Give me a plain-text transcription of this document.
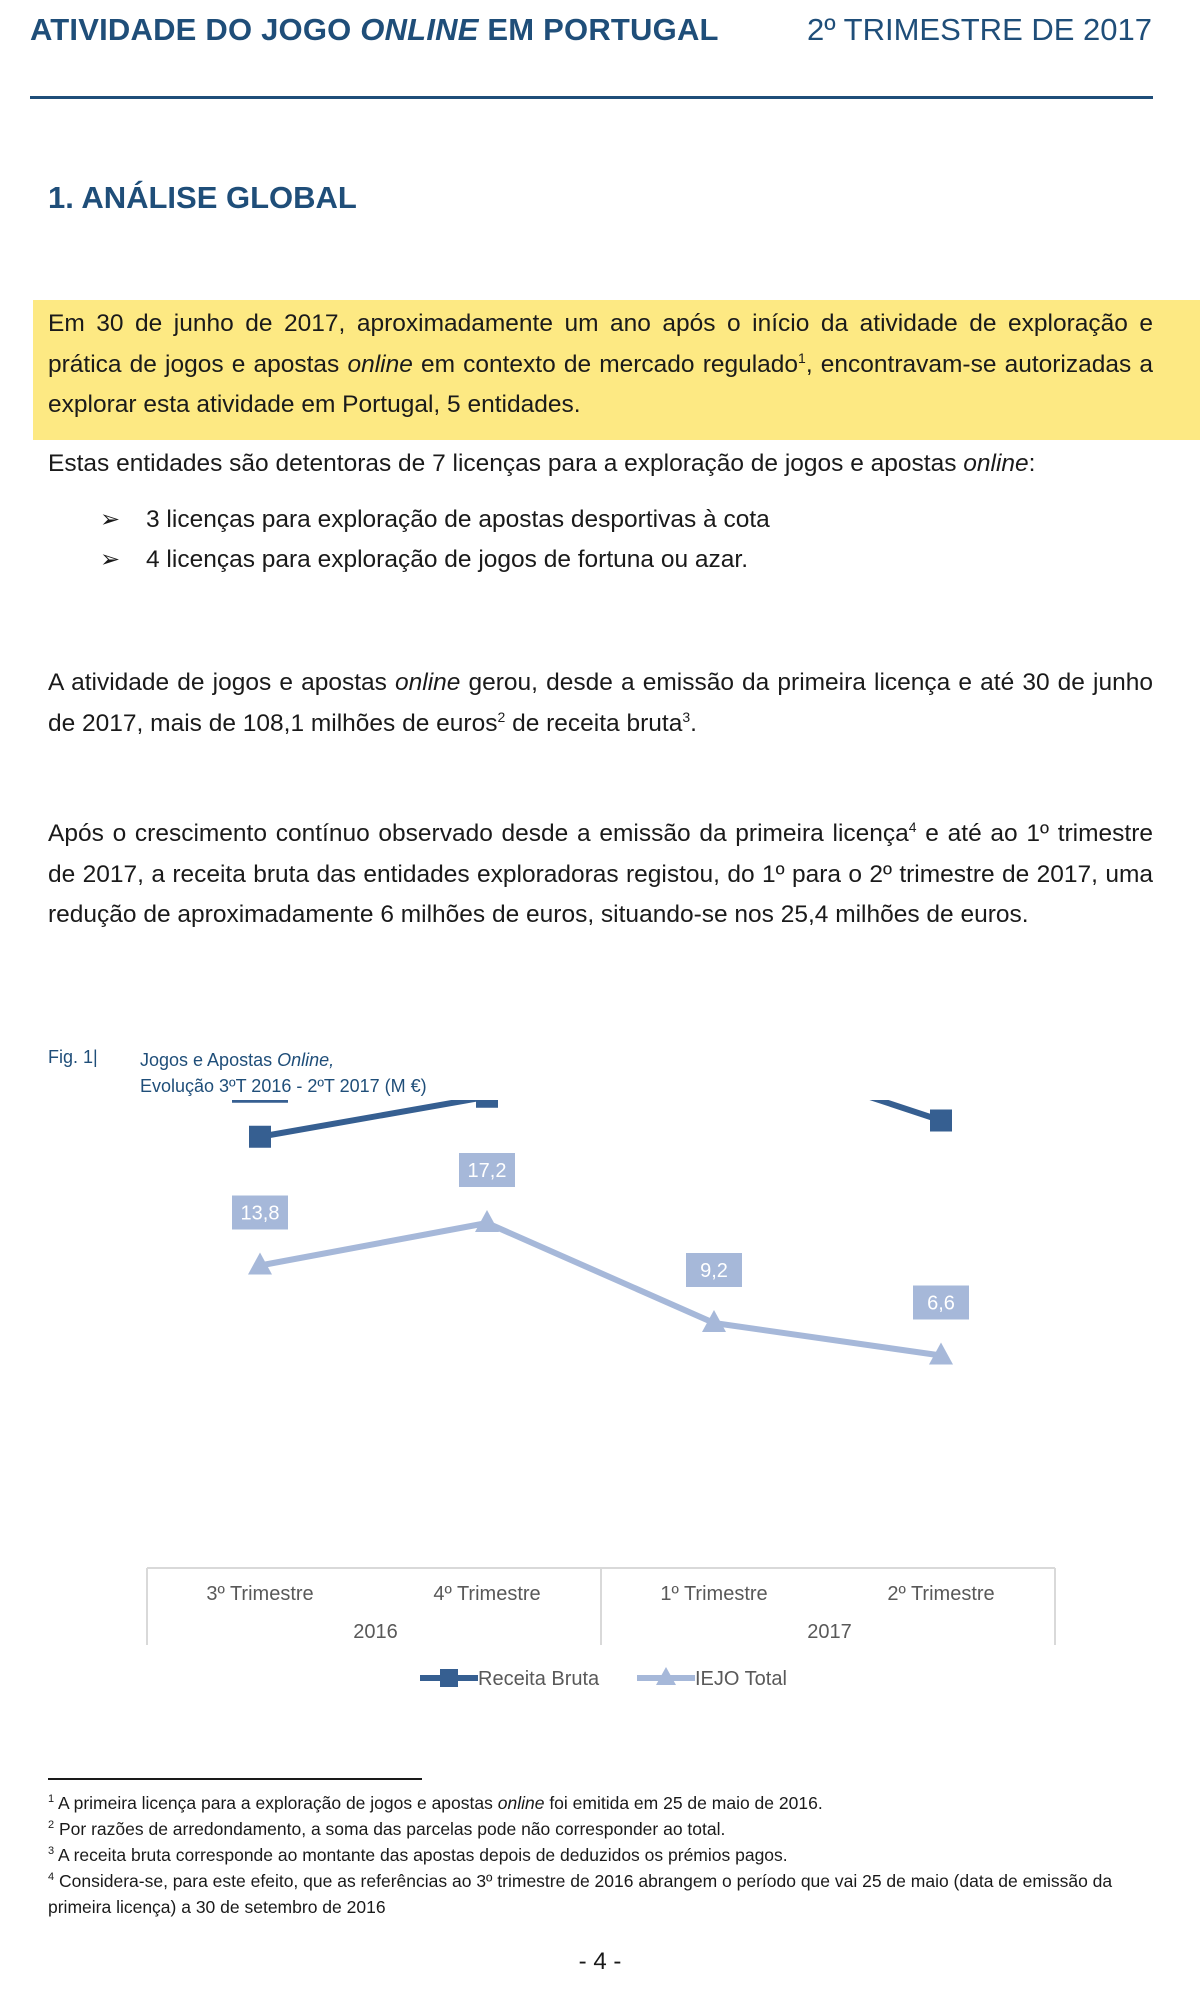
ATIVIDADE DO JOGO ONLINE EM PORTUGAL	2º TRIMESTRE DE 2017
1. ANÁLISE GLOBAL
Em 30 de junho de 2017, aproximadamente um ano após o início da atividade de exploração e prática de jogos e apostas online em contexto de mercado regulado$^1$, encontravam-se autorizadas a explorar esta atividade em Portugal, 5 entidades.
Estas entidades são detentoras de 7 licenças para a exploração de jogos e apostas online:
➢ 3 licenças para exploração de apostas desportivas à cota
➢ 4 licenças para exploração de jogos de fortuna ou azar.
A atividade de jogos e apostas online gerou, desde a emissão da primeira licença e até 30 de junho de 2017, mais de 108,1 milhões de euros$^2$ de receita bruta$^3$.
Após o crescimento contínuo observado desde a emissão da primeira licença$^4$ e até ao 1º trimestre de 2017, a receita bruta das entidades exploradoras registou, do 1º para o 2º trimestre de 2017, uma redução de aproximadamente 6 milhões de euros, situando-se nos 25,4 milhões de euros.
Fig. 1| Jogos e Apostas Online,
Evolução 3ºT 2016 - 2ºT 2017 (M €)
3º Trimestre	4º Trimestre	1º Trimestre	2º Trimestre
2016	2017
13,8
17,2
9,2
6,6
Receita Bruta	IEJO Total
$^1$ A primeira licença para a exploração de jogos e apostas online foi emitida em 25 de maio de 2016.
$^2$ Por razões de arredondamento, a soma das parcelas pode não corresponder ao total.
$^3$ A receita bruta corresponde ao montante das apostas depois de deduzidos os prémios pagos.
$^4$ Considera-se, para este efeito, que as referências ao 3º trimestre de 2016 abrangem o período que vai 25 de maio (data de emissão da primeira licença) a 30 de setembro de 2016
- 4 -
